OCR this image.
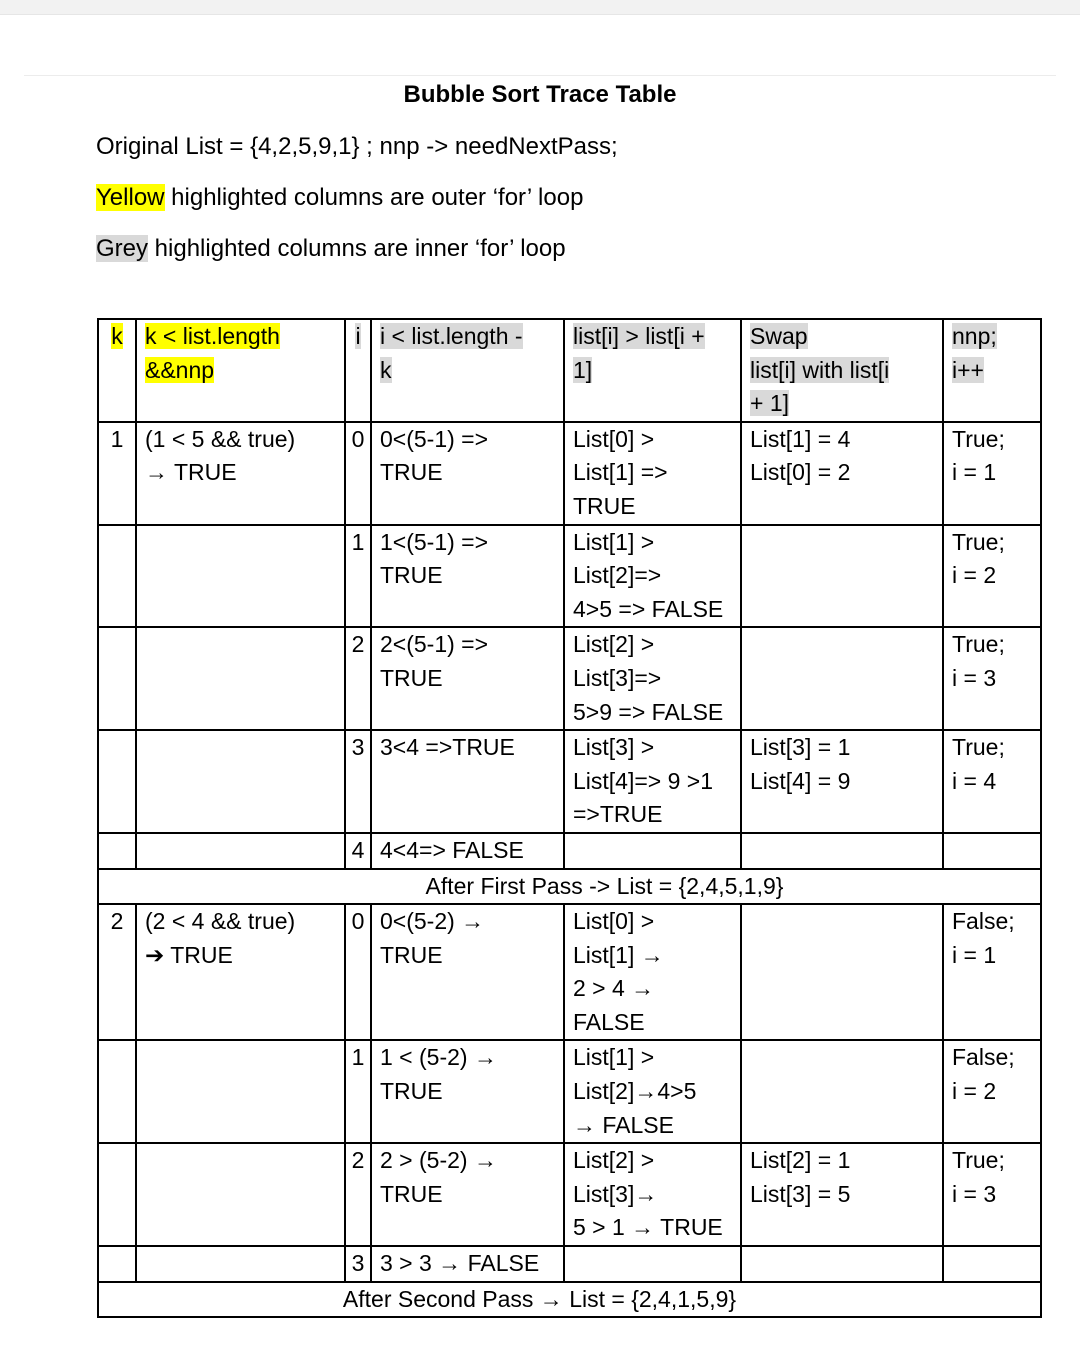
Bubble Sort Trace Table
Original List = {4,2,5,9,1} ; nnp -> needNextPass;
Yellow highlighted columns are outer ‘for’ loop
Grey highlighted columns are inner ‘for’ loop
k	k < list.length &&nnp	i	i < list.length -
k	list[i] > list[i +
1]	Swap
list[i] with list[i
+ 1]	nnp;
i++
1	(1 < 5 && true)
→ TRUE	0	0<(5-1) =>
TRUE	List[0] >
List[1] =>
TRUE	List[1] = 4
List[0] = 2	True;
i = 1
		1	1<(5-1) =>
TRUE	List[1] >
List[2]=>
4>5 => FALSE		True;
i = 2
		2	2<(5-1) =>
TRUE	List[2] >
List[3]=>
5>9 => FALSE		True;
i = 3
		3	3<4 =>TRUE	List[3] >
List[4]=> 9 >1
=>TRUE	List[3] = 1
List[4] = 9	True;
i = 4
		4	4<4=> FALSE			
After First Pass -> List = {2,4,5,1,9}						
2	(2 < 4 && true)
➔ TRUE	0	0<(5-2) →
TRUE	List[0] >
List[1] →
2 > 4 →
FALSE		False;
i = 1
		1	1 < (5-2) →
TRUE	List[1] >
List[2]→4>5
→ FALSE		False;
i = 2
		2	2 > (5-2) →
TRUE	List[2] >
List[3]→
5 > 1 → TRUE	List[2] = 1
List[3] = 5	True;
i = 3
		3	3 > 3 → FALSE			
After Second Pass → List = {2,4,1,5,9}						
